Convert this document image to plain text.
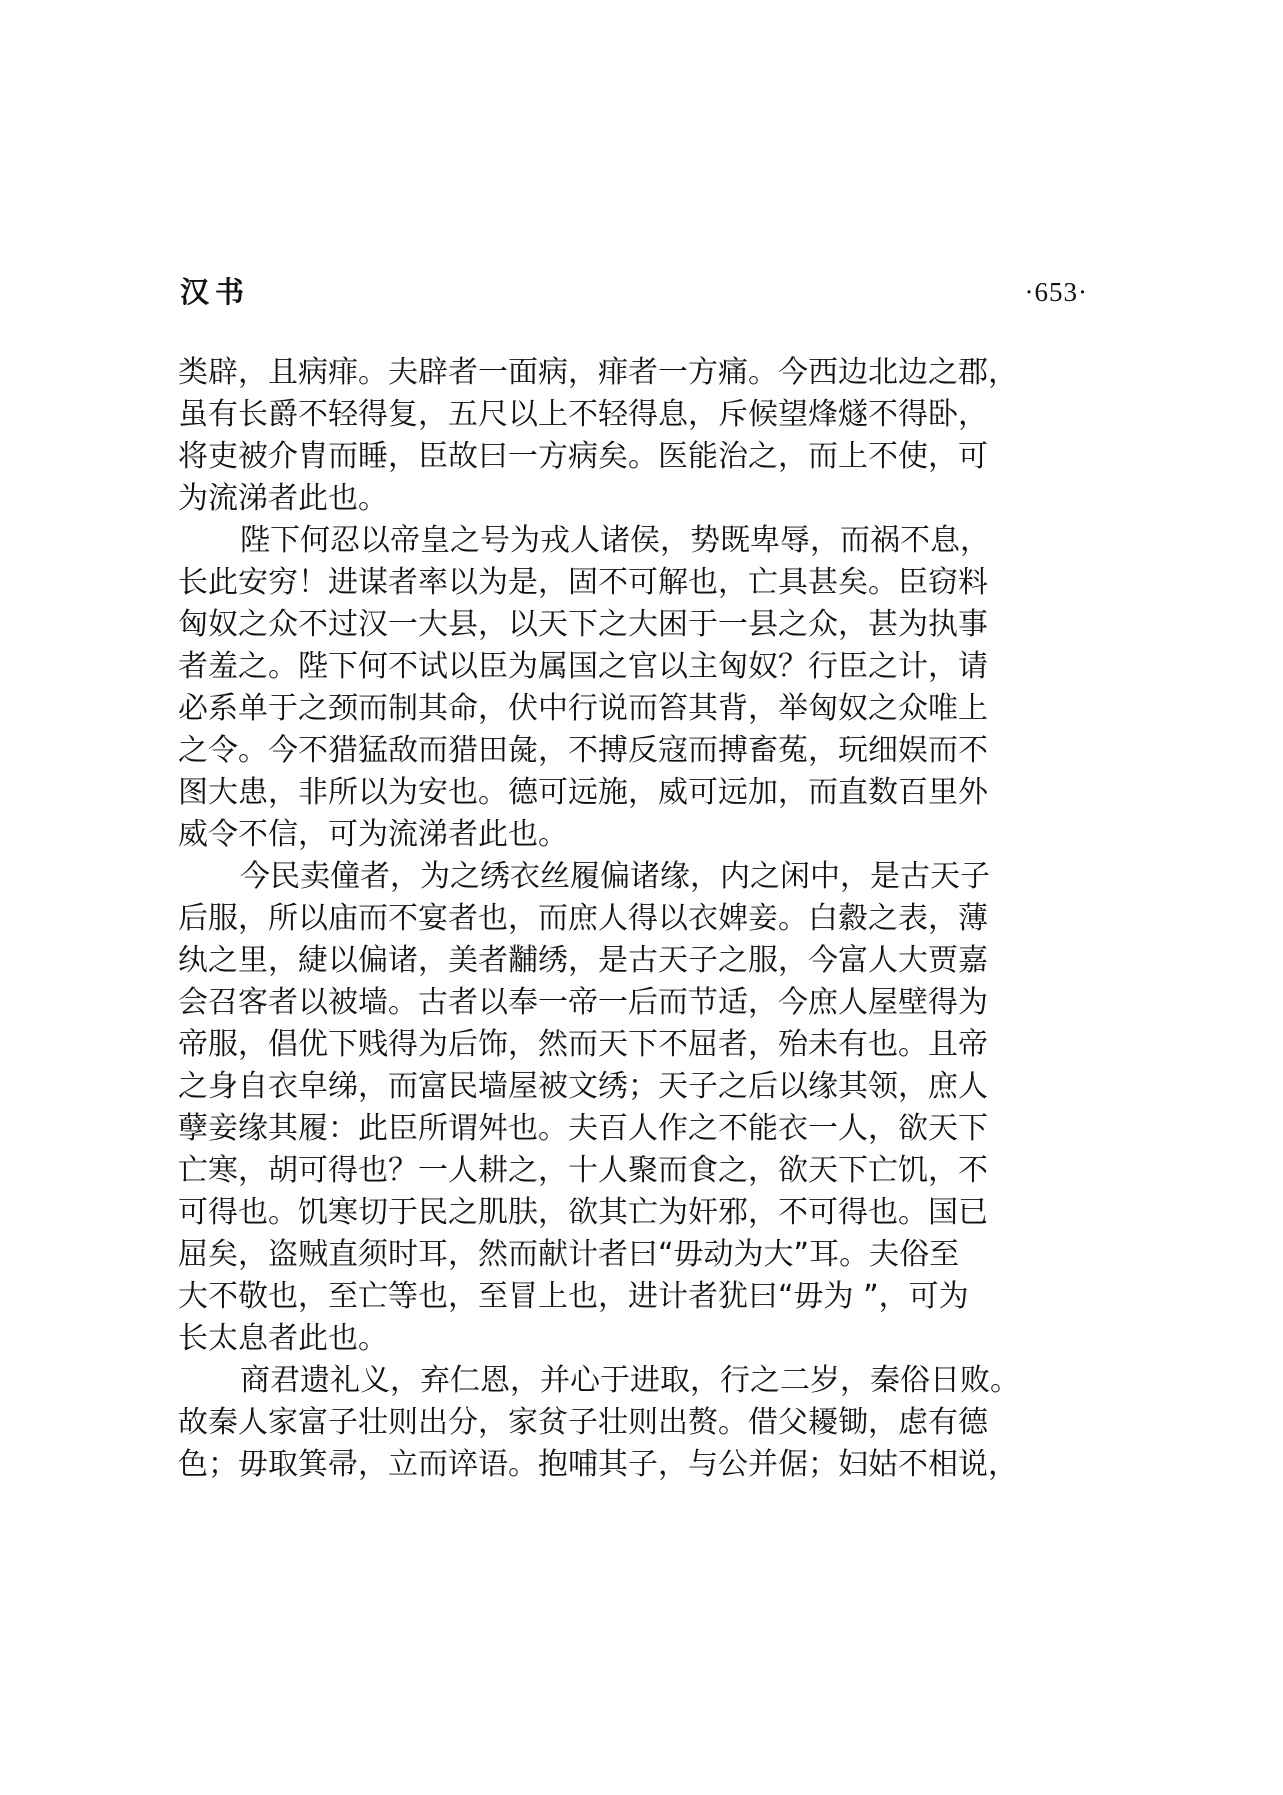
汉书	·653·
类辟，且病痱。夫辟者一面病，痱者一方痛。今西边北边之郡，
虽有长爵不轻得复，五尺以上不轻得息，斥候望烽燧不得卧，
将吏被介胄而睡，臣故曰一方病矣。医能治之，而上不使，可
为流涕者此也。
陛下何忍以帝皇之号为戎人诸侯，势既卑辱，而祸不息，
长此安穷！进谋者率以为是，固不可解也，亡具甚矣。臣窃料
匈奴之众不过汉一大县，以天下之大困于一县之众，甚为执事
者羞之。陛下何不试以臣为属国之官以主匈奴？行臣之计，请
必系单于之颈而制其命，伏中行说而笞其背，举匈奴之众唯上
之令。今不猎猛敌而猎田彘，不搏反寇而搏畜菟，玩细娱而不
图大患，非所以为安也。德可远施，威可远加，而直数百里外
威令不信，可为流涕者此也。
今民卖僮者，为之绣衣丝履偏诸缘，内之闲中，是古天子
后服，所以庙而不宴者也，而庶人得以衣婢妾。白縠之表，薄
纨之里，緁以偏诸，美者黼绣，是古天子之服，今富人大贾嘉
会召客者以被墙。古者以奉一帝一后而节适，今庶人屋壁得为
帝服，倡优下贱得为后饰，然而天下不屈者，殆未有也。且帝
之身自衣皁绨，而富民墙屋被文绣；天子之后以缘其领，庶人
孽妾缘其履：此臣所谓舛也。夫百人作之不能衣一人，欲天下
亡寒，胡可得也？一人耕之，十人聚而食之，欲天下亡饥，不
可得也。饥寒切于民之肌肤，欲其亡为奸邪，不可得也。国已
屈矣，盗贼直须时耳，然而献计者曰“毋动为大”耳。夫俗至
大不敬也，至亡等也，至冒上也，进计者犹曰“毋为 ”，可为
长太息者此也。
商君遗礼义，弃仁恩，并心于进取，行之二岁，秦俗日败。
故秦人家富子壮则出分，家贫子壮则出赘。借父耰锄，虑有德
色；毋取箕帚，立而谇语。抱哺其子，与公并倨；妇姑不相说，
